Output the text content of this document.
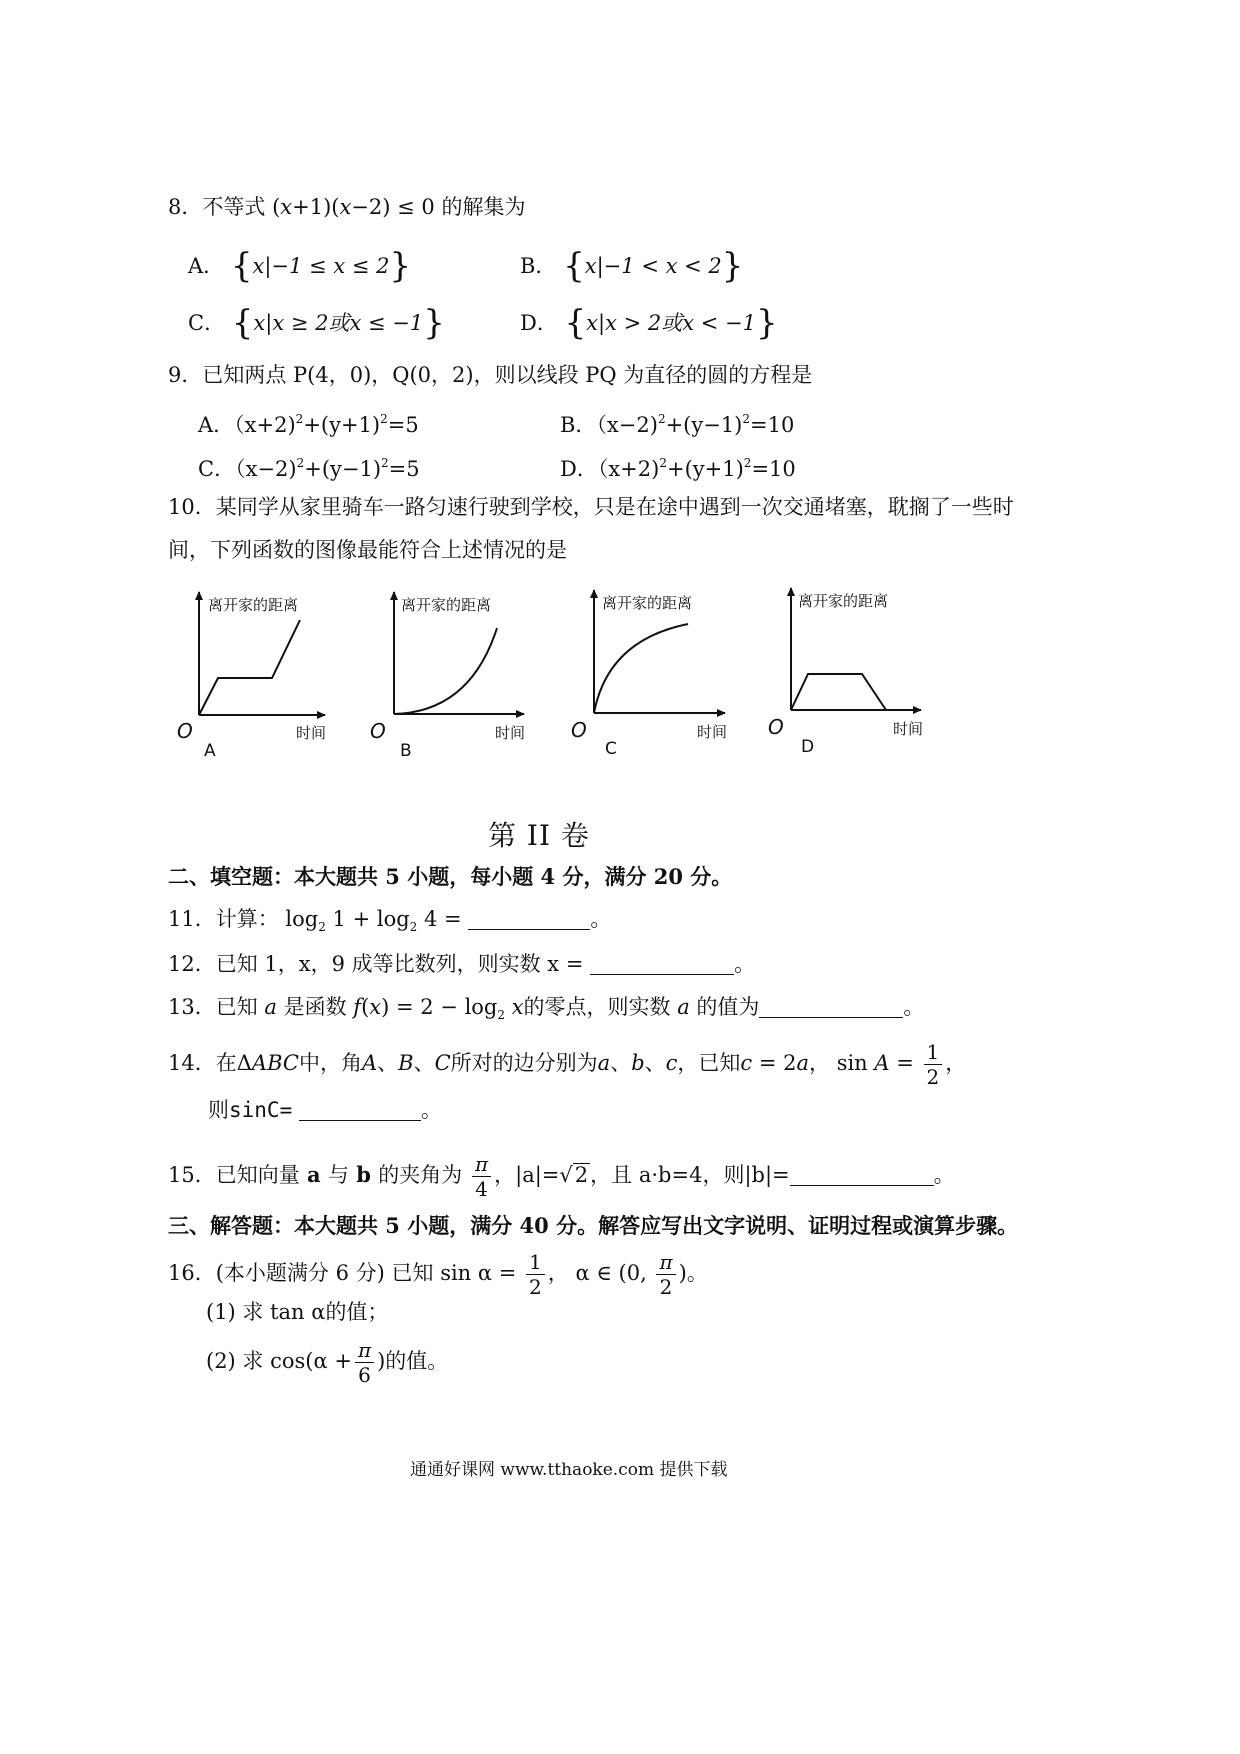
8．不等式 (x+1)(x−2) ≤ 0 的解集为
A． {x|−1 ≤ x ≤ 2}	B． {x|−1 < x < 2}
C． {x|x ≥ 2或x ≤ −1}	D． {x|x > 2或x < −1}
9．已知两点 P(4，0)，Q(0，2)，则以线段 PQ 为直径的圆的方程是
A．$(x+2)^2+(y+1)^2=5$	B．$(x-2)^2+(y-1)^2=10$
C．$(x-2)^2+(y-1)^2=5$	D．$(x+2)^2+(y+1)^2=10$
10．某同学从家里骑车一路匀速行驶到学校，只是在途中遇到一次交通堵塞，耽搁了一些时
间，下列函数的图像最能符合上述情况的是
离开家的距离
O	时间
A
离开家的距离
O	时间
B
离开家的距离
O	时间
C
离开家的距离
O	时间
D
第 II 卷
二、填空题：本大题共 5 小题，每小题 4 分，满分 20 分。
11．计算： $\log_2 1 + \log_2 4$ =	。
12．已知 1，x，9 成等比数列，则实数 x =	。
13．已知 a 是函数 $f(x) = 2 - \log_2 x$的零点，则实数 a 的值为	。
14．在ΔABC中，角A、B、C所对的边分别为a、b、c，已知c = 2a， $\sin A = \frac{1}{2}$ ，
则sinC=	。
15．已知向量 a 与 b 的夹角为 $\frac{\pi}{4}$ ，|a|=√2，且 a·b=4，则|b|=	。
三、解答题：本大题共 5 小题，满分 40 分。解答应写出文字说明、证明过程或演算步骤。
16．(本小题满分 6 分) 已知 $\sin \alpha = \frac{1}{2}$ ， α ∈ (0, $\frac{\pi}{2}$ )。
(1) 求 tan α的值；
(2) 求 $\cos(\alpha + \frac{\pi}{6}$ )的值。
通通好课网 www.tthaoke.com 提供下载
